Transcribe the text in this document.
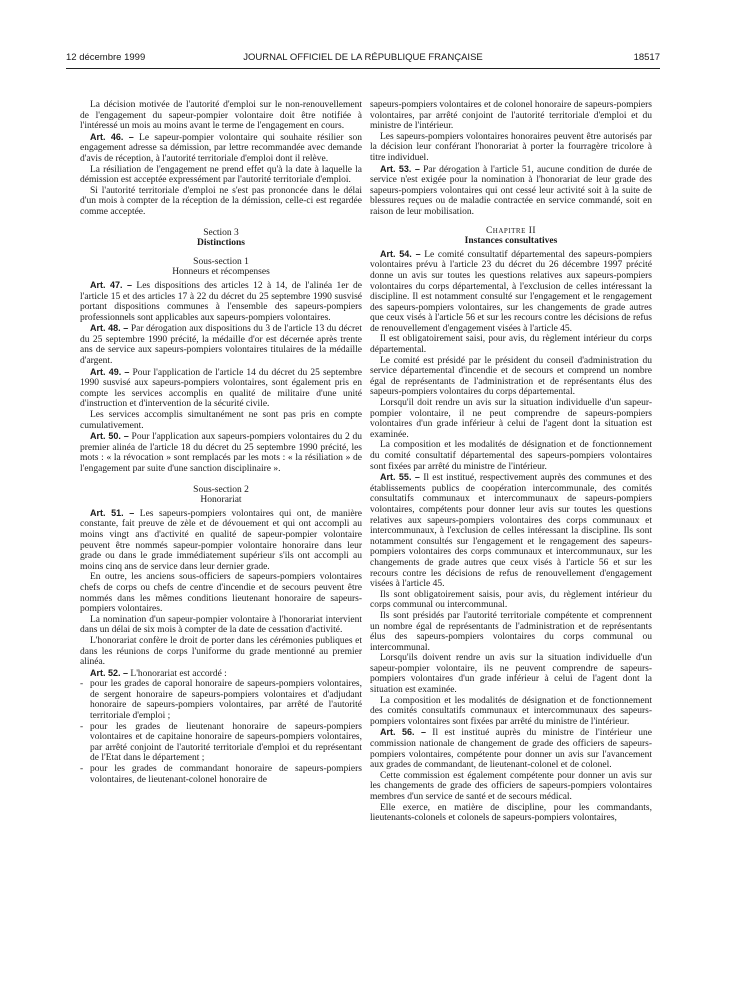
12 décembre 1999	JOURNAL OFFICIEL DE LA RÉPUBLIQUE FRANÇAISE	18517

La décision motivée de l'autorité d'emploi sur le non-renouvellement de l'engagement du sapeur-pompier volontaire doit être notifiée à l'intéressé un mois au moins avant le terme de l'engagement en cours.

Art. 46. – Le sapeur-pompier volontaire qui souhaite résilier son engagement adresse sa démission, par lettre recommandée avec demande d'avis de réception, à l'autorité territoriale d'emploi dont il relève.

La résiliation de l'engagement ne prend effet qu'à la date à laquelle la démission est acceptée expressément par l'autorité territoriale d'emploi.

Si l'autorité territoriale d'emploi ne s'est pas prononcée dans le délai d'un mois à compter de la réception de la démission, celle-ci est regardée comme acceptée.

Section 3

Distinctions

Sous-section 1

Honneurs et récompenses

Art. 47. – Les dispositions des articles 12 à 14, de l'alinéa 1er de l'article 15 et des articles 17 à 22 du décret du 25 septembre 1990 susvisé portant dispositions communes à l'ensemble des sapeurs-pompiers professionnels sont applicables aux sapeurs-pompiers volontaires.

Art. 48. – Par dérogation aux dispositions du 3 de l'article 13 du décret du 25 septembre 1990 précité, la médaille d'or est décernée après trente ans de service aux sapeurs-pompiers volontaires titulaires de la médaille d'argent.

Art. 49. – Pour l'application de l'article 14 du décret du 25 septembre 1990 susvisé aux sapeurs-pompiers volontaires, sont également pris en compte les services accomplis en qualité de militaire d'une unité d'instruction et d'intervention de la sécurité civile.

Les services accomplis simultanément ne sont pas pris en compte cumulativement.

Art. 50. – Pour l'application aux sapeurs-pompiers volontaires du 2 du premier alinéa de l'article 18 du décret du 25 septembre 1990 précité, les mots : « la révocation » sont remplacés par les mots : « la résiliation » de l'engagement par suite d'une sanction disciplinaire ».

Sous-section 2

Honorariat

Art. 51. – Les sapeurs-pompiers volontaires qui ont, de manière constante, fait preuve de zèle et de dévouement et qui ont accompli au moins vingt ans d'activité en qualité de sapeur-pompier volontaire peuvent être nommés sapeur-pompier volontaire honoraire dans leur grade ou dans le grade immédiatement supérieur s'ils ont accompli au moins cinq ans de service dans leur dernier grade.

En outre, les anciens sous-officiers de sapeurs-pompiers volontaires chefs de corps ou chefs de centre d'incendie et de secours peuvent être nommés dans les mêmes conditions lieutenant honoraire de sapeurs-pompiers volontaires.

La nomination d'un sapeur-pompier volontaire à l'honorariat intervient dans un délai de six mois à compter de la date de cessation d'activité.

L'honorariat confère le droit de porter dans les cérémonies publiques et dans les réunions de corps l'uniforme du grade mentionné au premier alinéa.

Art. 52. – L'honorariat est accordé :

- pour les grades de caporal honoraire de sapeurs-pompiers volontaires, de sergent honoraire de sapeurs-pompiers volontaires et d'adjudant honoraire de sapeurs-pompiers volontaires, par arrêté de l'autorité territoriale d'emploi ;
- pour les grades de lieutenant honoraire de sapeurs-pompiers volontaires et de capitaine honoraire de sapeurs-pompiers volontaires, par arrêté conjoint de l'autorité territoriale d'emploi et du représentant de l'Etat dans le département ;
- pour les grades de commandant honoraire de sapeurs-pompiers volontaires, de lieutenant-colonel honoraire de

sapeurs-pompiers volontaires et de colonel honoraire de sapeurs-pompiers volontaires, par arrêté conjoint de l'autorité territoriale d'emploi et du ministre de l'intérieur.

Les sapeurs-pompiers volontaires honoraires peuvent être autorisés par la décision leur conférant l'honorariat à porter la fourragère tricolore à titre individuel.

Art. 53. – Par dérogation à l'article 51, aucune condition de durée de service n'est exigée pour la nomination à l'honorariat de leur grade des sapeurs-pompiers volontaires qui ont cessé leur activité soit à la suite de blessures reçues ou de maladie contractée en service commandé, soit en raison de leur mobilisation.

Chapitre II

Instances consultatives

Art. 54. – Le comité consultatif départemental des sapeurs-pompiers volontaires prévu à l'article 23 du décret du 26 décembre 1997 précité donne un avis sur toutes les questions relatives aux sapeurs-pompiers volontaires du corps départemental, à l'exclusion de celles intéressant la discipline. Il est notamment consulté sur l'engagement et le rengagement des sapeurs-pompiers volontaires, sur les changements de grade autres que ceux visés à l'article 56 et sur les recours contre les décisions de refus de renouvellement d'engagement visées à l'article 45.

Il est obligatoirement saisi, pour avis, du règlement intérieur du corps départemental.

Le comité est présidé par le président du conseil d'administration du service départemental d'incendie et de secours et comprend un nombre égal de représentants de l'administration et de représentants élus des sapeurs-pompiers volontaires du corps départemental.

Lorsqu'il doit rendre un avis sur la situation individuelle d'un sapeur-pompier volontaire, il ne peut comprendre de sapeurs-pompiers volontaires d'un grade inférieur à celui de l'agent dont la situation est examinée.

La composition et les modalités de désignation et de fonctionnement du comité consultatif départemental des sapeurs-pompiers volontaires sont fixées par arrêté du ministre de l'intérieur.

Art. 55. – Il est institué, respectivement auprès des communes et des établissements publics de coopération intercommunale, des comités consultatifs communaux et intercommunaux de sapeurs-pompiers volontaires, compétents pour donner leur avis sur toutes les questions relatives aux sapeurs-pompiers volontaires des corps communaux et intercommunaux, à l'exclusion de celles intéressant la discipline. Ils sont notamment consultés sur l'engagement et le rengagement des sapeurs-pompiers volontaires des corps communaux et intercommunaux, sur les changements de grade autres que ceux visés à l'article 56 et sur les recours contre les décisions de refus de renouvellement d'engagement visées à l'article 45.

Ils sont obligatoirement saisis, pour avis, du règlement intérieur du corps communal ou intercommunal.

Ils sont présidés par l'autorité territoriale compétente et comprennent un nombre égal de représentants de l'administration et de représentants élus des sapeurs-pompiers volontaires du corps communal ou intercommunal.

Lorsqu'ils doivent rendre un avis sur la situation individuelle d'un sapeur-pompier volontaire, ils ne peuvent comprendre de sapeurs-pompiers volontaires d'un grade inférieur à celui de l'agent dont la situation est examinée.

La composition et les modalités de désignation et de fonctionnement des comités consultatifs communaux et intercommunaux des sapeurs-pompiers volontaires sont fixées par arrêté du ministre de l'intérieur.

Art. 56. – Il est institué auprès du ministre de l'intérieur une commission nationale de changement de grade des officiers de sapeurs-pompiers volontaires, compétente pour donner un avis sur l'avancement aux grades de commandant, de lieutenant-colonel et de colonel.

Cette commission est également compétente pour donner un avis sur les changements de grade des officiers de sapeurs-pompiers volontaires membres d'un service de santé et de secours médical.

Elle exerce, en matière de discipline, pour les commandants, lieutenants-colonels et colonels de sapeurs-pompiers volontaires,
